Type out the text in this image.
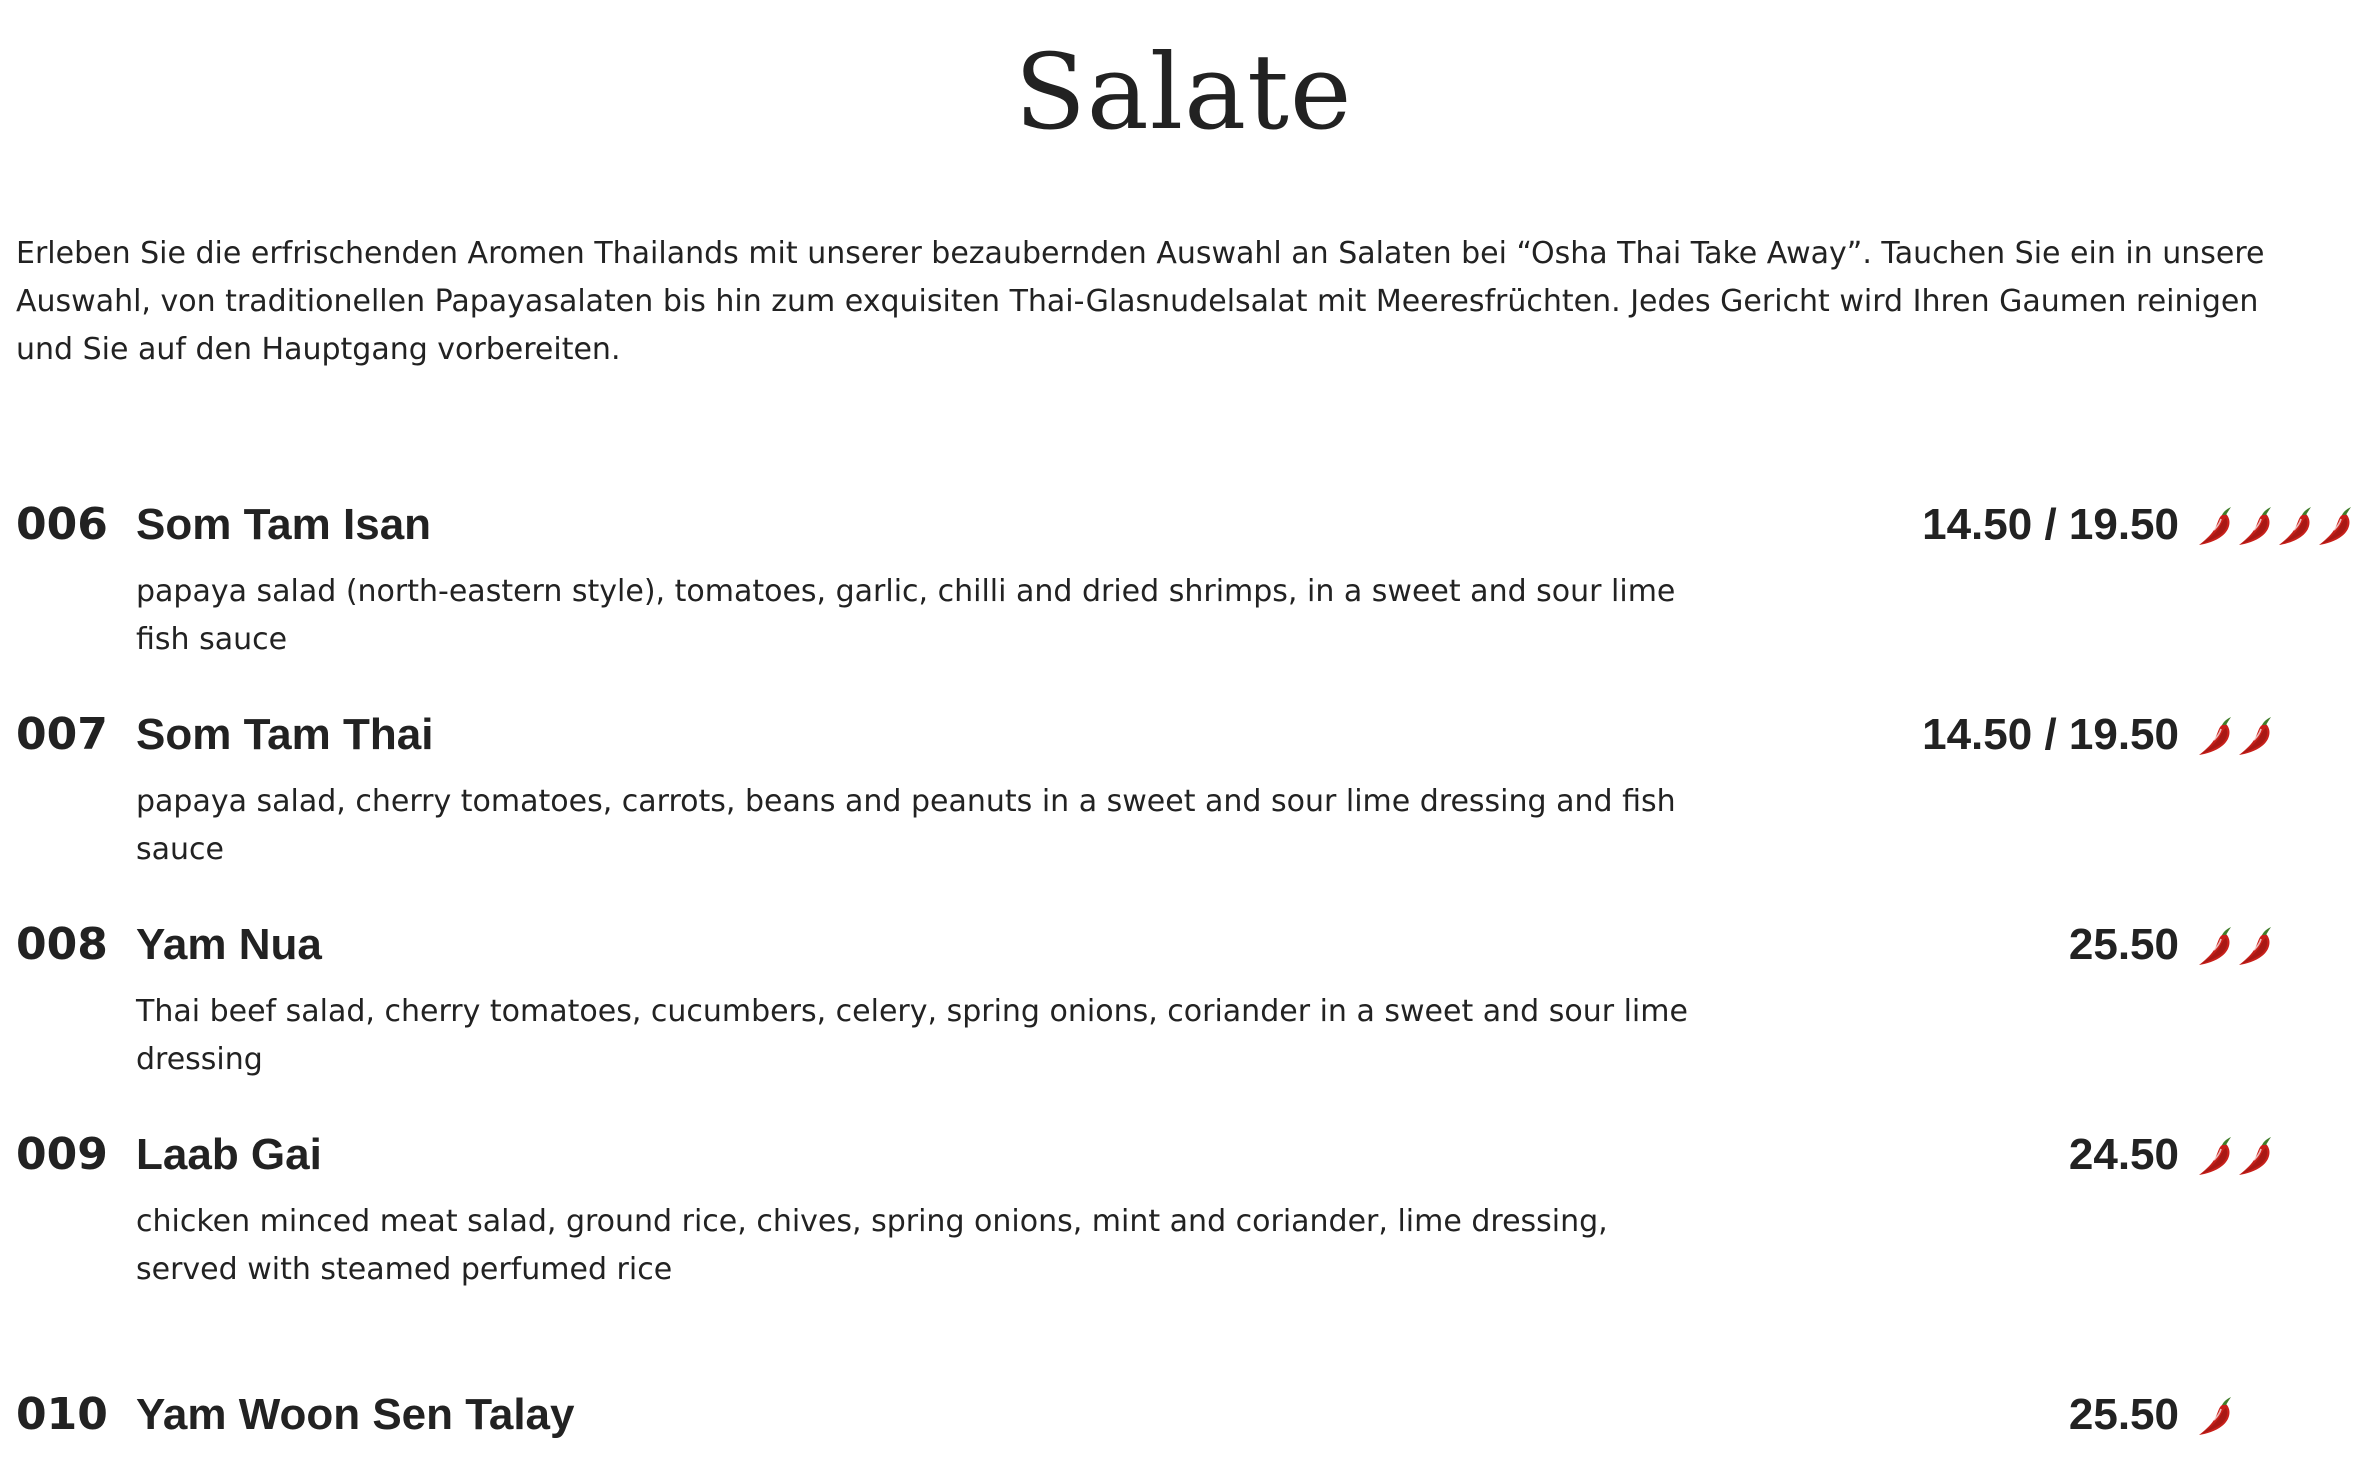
Salate

Erleben Sie die erfrischenden Aromen Thailands mit unserer bezaubernden Auswahl an Salaten bei “Osha Thai Take Away”. Tauchen Sie ein in unsere Auswahl, von traditionellen Papayasalaten bis hin zum exquisiten Thai-Glasnudelsalat mit Meeresfrüchten. Jedes Gericht wird Ihren Gaumen reinigen und Sie auf den Hauptgang vorbereiten.

006 Som Tam Isan	14.50 / 19.50

papaya salad (north-eastern style), tomatoes, garlic, chilli and dried shrimps, in a sweet and sour lime fish sauce

007 Som Tam Thai	14.50 / 19.50

papaya salad, cherry tomatoes, carrots, beans and peanuts in a sweet and sour lime dressing and fish sauce

008 Yam Nua	25.50

Thai beef salad, cherry tomatoes, cucumbers, celery, spring onions, coriander in a sweet and sour lime dressing

009 Laab Gai	24.50

chicken minced meat salad, ground rice, chives, spring onions, mint and coriander, lime dressing, served with steamed perfumed rice

010 Yam Woon Sen Talay	25.50
